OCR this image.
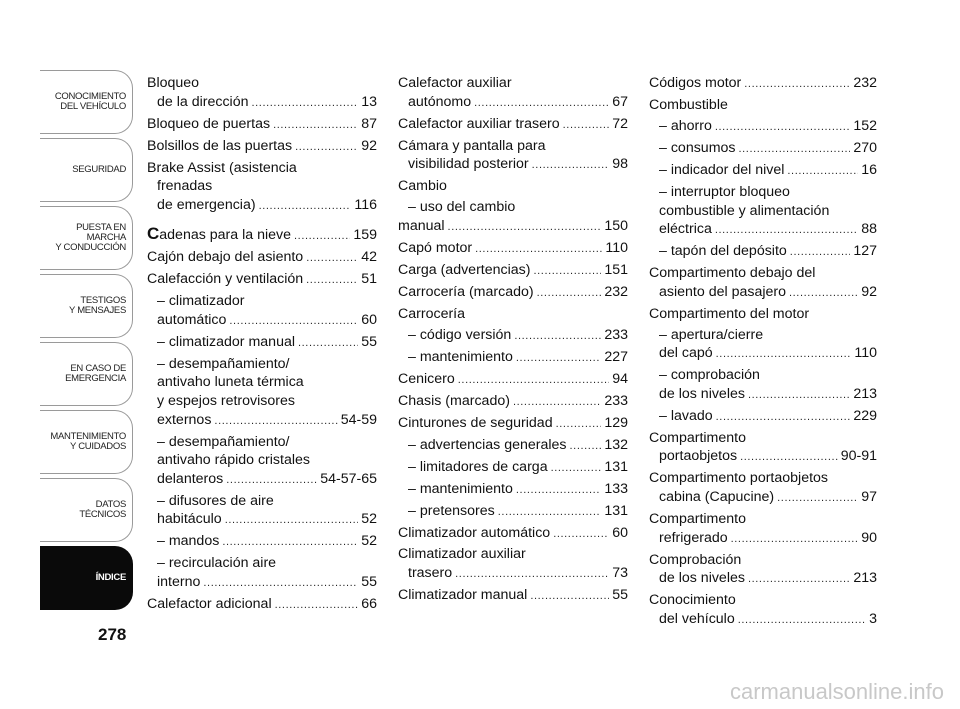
CONOCIMIENTO
DEL VEHÍCULO
SEGURIDAD
PUESTA EN
MARCHA
Y CONDUCCIÓN
TESTIGOS
Y MENSAJES
EN CASO DE
EMERGENCIA
MANTENIMIENTO
Y CUIDADOS
DATOS
TÉCNICOS
ÍNDICE
278
Bloqueo
de la dirección .....	13
Bloqueo de puertas .....	87
Bolsillos de las puertas .....	92
Brake Assist (asistencia
frenadas
de emergencia) .....	116
Cadenas para la nieve .....	159
Cajón debajo del asiento .....	42
Calefacción y ventilación .....	51
– climatizador
automático .....	60
– climatizador manual .....	55
– desempañamiento/
antivaho luneta térmica
y espejos retrovisores
externos .....	54-59
– desempañamiento/
antivaho rápido cristales
delanteros .....	54-57-65
– difusores de aire
habitáculo .....	52
– mandos .....	52
– recirculación aire
interno .....	55
Calefactor adicional .....	66
Calefactor auxiliar
autónomo .....	67
Calefactor auxiliar trasero .....	72
Cámara y pantalla para
visibilidad posterior .....	98
Cambio
– uso del cambio
manual .....	150
Capó motor .....	110
Carga (advertencias) .....	151
Carrocería (marcado) .....	232
Carrocería
– código versión .....	233
– mantenimiento .....	227
Cenicero .....	94
Chasis (marcado) .....	233
Cinturones de seguridad .....	129
– advertencias generales .....	132
– limitadores de carga .....	131
– mantenimiento .....	133
– pretensores .....	131
Climatizador automático .....	60
Climatizador auxiliar
trasero .....	73
Climatizador manual .....	55
Códigos motor .....	232
Combustible
– ahorro .....	152
– consumos .....	270
– indicador del nivel .....	16
– interruptor bloqueo
combustible y alimentación
eléctrica .....	88
– tapón del depósito .....	127
Compartimento debajo del
asiento del pasajero .....	92
Compartimento del motor
– apertura/cierre
del capó .....	110
– comprobación
de los niveles .....	213
– lavado .....	229
Compartimento
portaobjetos .....	90-91
Compartimento portaobjetos
cabina (Capucine) .....	97
Compartimento
refrigerado .....	90
Comprobación
de los niveles .....	213
Conocimiento
del vehículo .....	3
carmanualsonline.info
